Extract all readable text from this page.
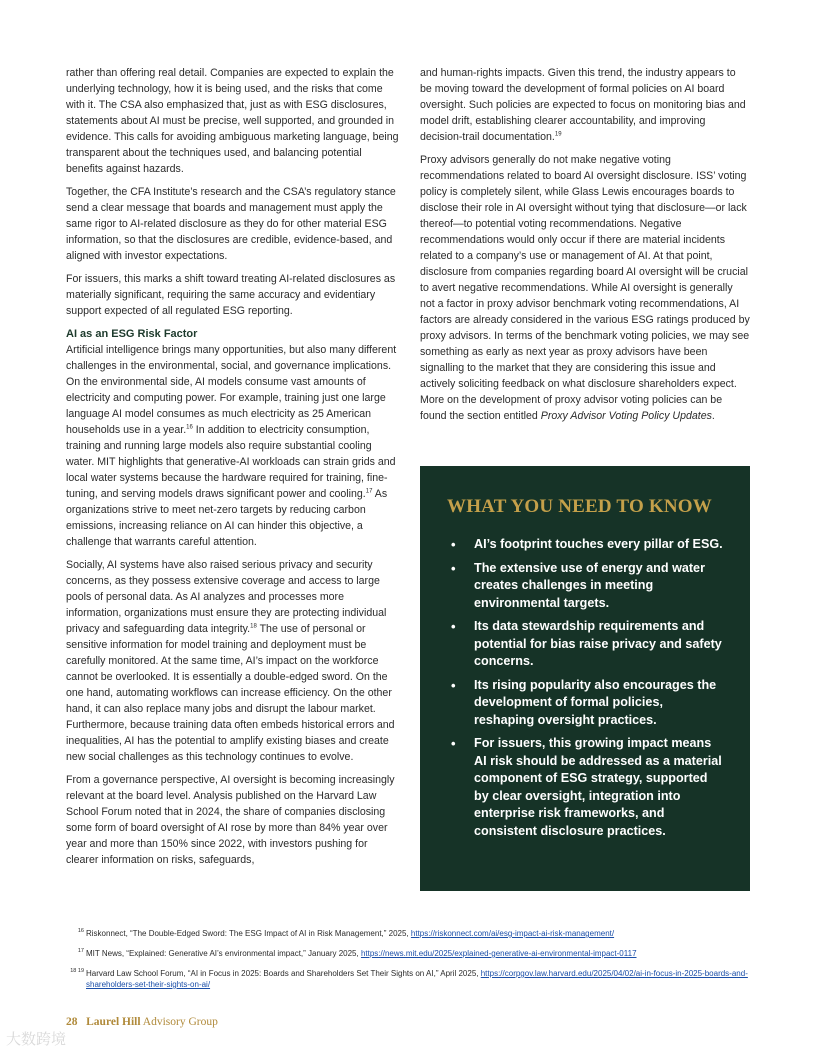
rather than offering real detail. Companies are expected to explain the underlying technology, how it is being used, and the risks that come with it. The CSA also emphasized that, just as with ESG disclosures, statements about AI must be precise, well supported, and grounded in evidence. This calls for avoiding ambiguous marketing language, being transparent about the techniques used, and balancing potential benefits against hazards.

Together, the CFA Institute’s research and the CSA’s regulatory stance send a clear message that boards and management must apply the same rigor to AI-related disclosure as they do for other material ESG information, so that the disclosures are credible, evidence-based, and aligned with investor expectations.

For issuers, this marks a shift toward treating AI-related disclosures as materially significant, requiring the same accuracy and evidentiary support expected of all regulated ESG reporting.

AI as an ESG Risk Factor

Artificial intelligence brings many opportunities, but also many different challenges in the environmental, social, and governance implications. On the environmental side, AI models consume vast amounts of electricity and computing power. For example, training just one large language AI model consumes as much electricity as 25 American households use in a year.$^{16}$ In addition to electricity consumption, training and running large models also require substantial cooling water. MIT highlights that generative-AI workloads can strain grids and local water systems because the hardware required for training, fine-tuning, and serving models draws significant power and cooling.$^{17}$ As organizations strive to meet net-zero targets by reducing carbon emissions, increasing reliance on AI can hinder this objective, a challenge that warrants careful attention.

Socially, AI systems have also raised serious privacy and security concerns, as they possess extensive coverage and access to large pools of personal data. As AI analyzes and processes more information, organizations must ensure they are protecting individual privacy and safeguarding data integrity.$^{18}$ The use of personal or sensitive information for model training and deployment must be carefully monitored. At the same time, AI’s impact on the workforce cannot be overlooked. It is essentially a double-edged sword. On the one hand, automating workflows can increase efficiency. On the other hand, it can also replace many jobs and disrupt the labour market. Furthermore, because training data often embeds historical errors and inequalities, AI has the potential to amplify existing biases and create new social challenges as this technology continues to evolve.

From a governance perspective, AI oversight is becoming increasingly relevant at the board level. Analysis published on the Harvard Law School Forum noted that in 2024, the share of companies disclosing some form of board oversight of AI rose by more than 84% year over year and more than 150% since 2022, with investors pushing for clearer information on risks, safeguards,

and human-rights impacts. Given this trend, the industry appears to be moving toward the development of formal policies on AI board oversight. Such policies are expected to focus on monitoring bias and model drift, establishing clearer accountability, and improving decision-trail documentation.$^{19}$

Proxy advisors generally do not make negative voting recommendations related to board AI oversight disclosure. ISS’ voting policy is completely silent, while Glass Lewis encourages boards to disclose their role in AI oversight without tying that disclosure—or lack thereof—to potential voting recommendations. Negative recommendations would only occur if there are material incidents related to a company’s use or management of AI. At that point, disclosure from companies regarding board AI oversight will be crucial to avert negative recommendations. While AI oversight is generally not a factor in proxy advisor benchmark voting recommendations, AI factors are already considered in the various ESG ratings produced by proxy advisors. In terms of the benchmark voting policies, we may see something as early as next year as proxy advisors have been signalling to the market that they are considering this issue and actively soliciting feedback on what disclosure shareholders expect. More on the development of proxy advisor voting policies can be found the section entitled Proxy Advisor Voting Policy Updates.

WHAT YOU NEED TO KNOW
• AI’s footprint touches every pillar of ESG.
• The extensive use of energy and water creates challenges in meeting environmental targets.
• Its data stewardship requirements and potential for bias raise privacy and safety concerns.
• Its rising popularity also encourages the development of formal policies, reshaping oversight practices.
• For issuers, this growing impact means AI risk should be addressed as a material component of ESG strategy, supported by clear oversight, integration into enterprise risk frameworks, and consistent disclosure practices.
16 Riskonnect, “The Double-Edged Sword: The ESG Impact of AI in Risk Management,” 2025, https://riskonnect.com/ai/esg-impact-ai-risk-management/
17 MIT News, “Explained: Generative AI’s environmental impact,” January 2025, https://news.mit.edu/2025/explained-generative-ai-environmental-impact-0117
18 19 Harvard Law School Forum, “AI in Focus in 2025: Boards and Shareholders Set Their Sights on AI,” April 2025, https://corpgov.law.harvard.edu/2025/04/02/ai-in-focus-in-2025-boards-and-shareholders-set-their-sights-on-ai/
28 Laurel Hill Advisory Group
大数跨境
